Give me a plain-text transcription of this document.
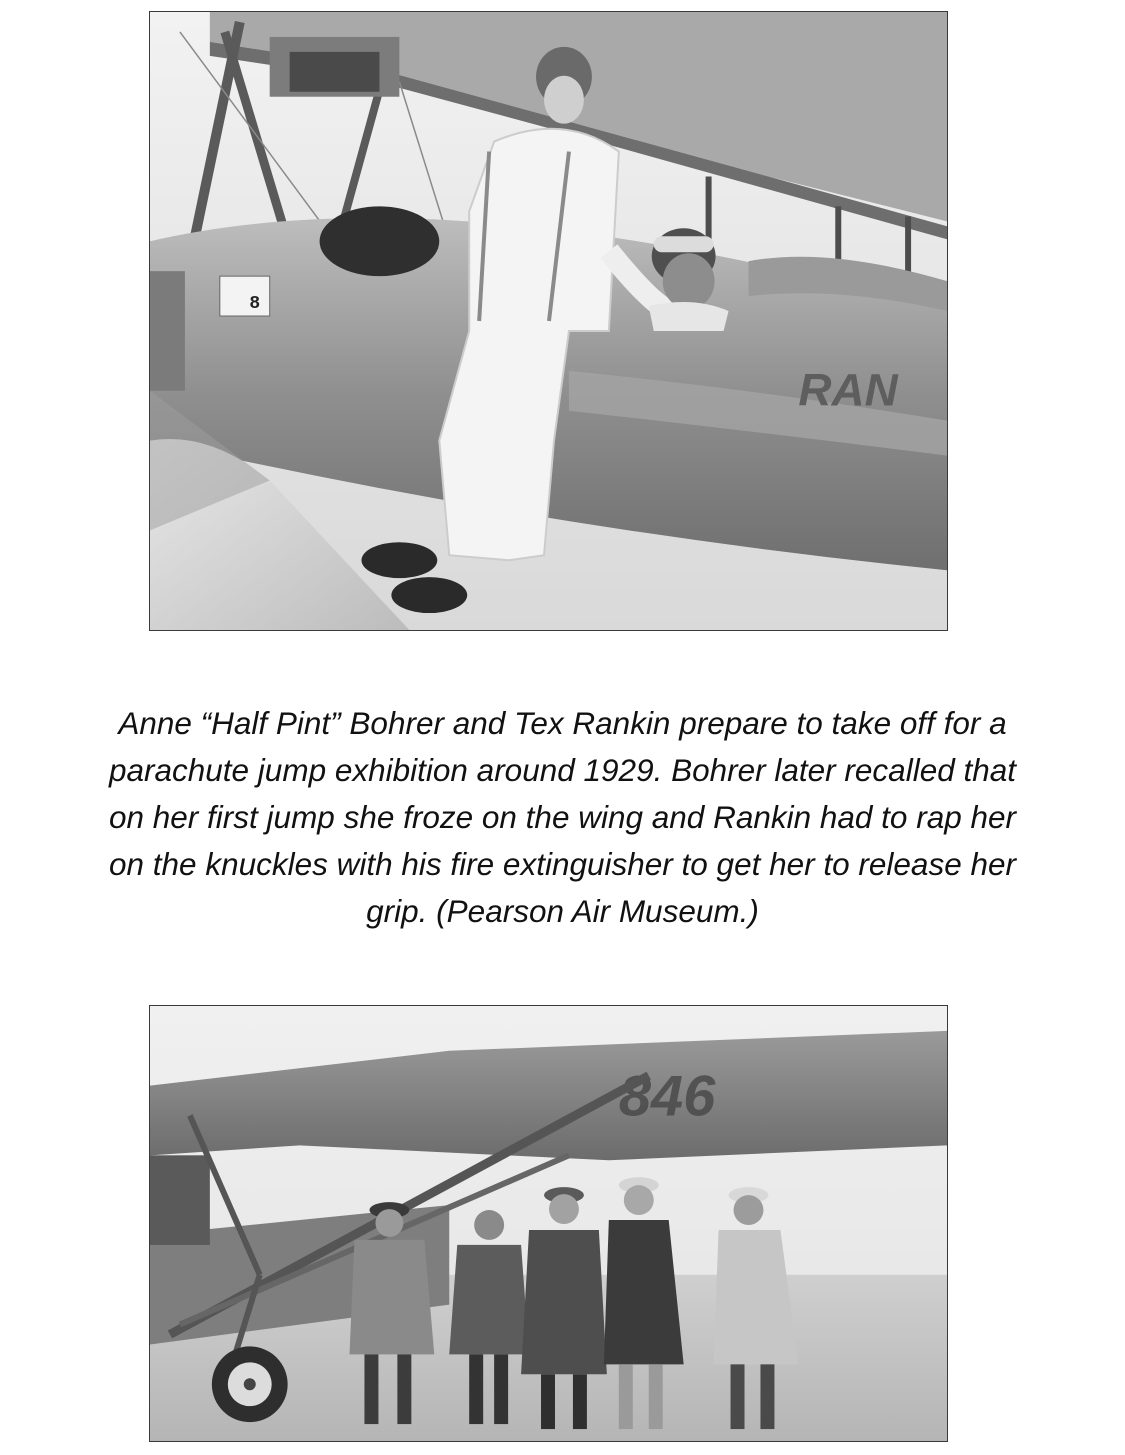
RAN
8

Anne “Half Pint” Bohrer and Tex Rankin prepare to take off for a
parachute jump exhibition around 1929. Bohrer later recalled that
on her first jump she froze on the wing and Rankin had to rap her
on the knuckles with his fire extinguisher to get her to release her
grip. (Pearson Air Museum.)

846
